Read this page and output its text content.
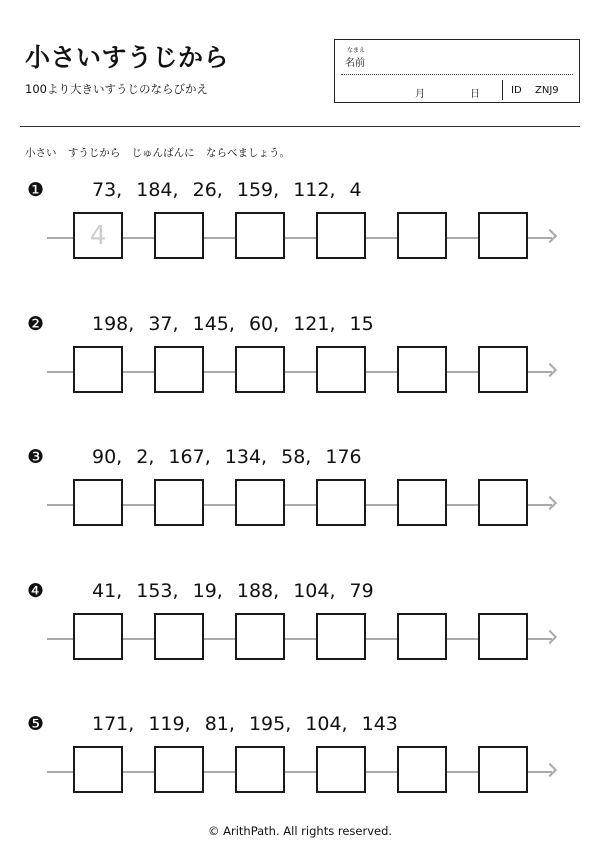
小さいすうじから
100より大きいすうじのならびかえ
なまえ
名前
月	日	ID ZNJ9
小さい すうじから じゅんばんに ならべましょう。
❶	73, 184, 26, 159, 112, 4
4
❷	198, 37, 145, 60, 121, 15
❸	90, 2, 167, 134, 58, 176
❹	41, 153, 19, 188, 104, 79
❺	171, 119, 81, 195, 104, 143
© ArithPath. All rights reserved.
